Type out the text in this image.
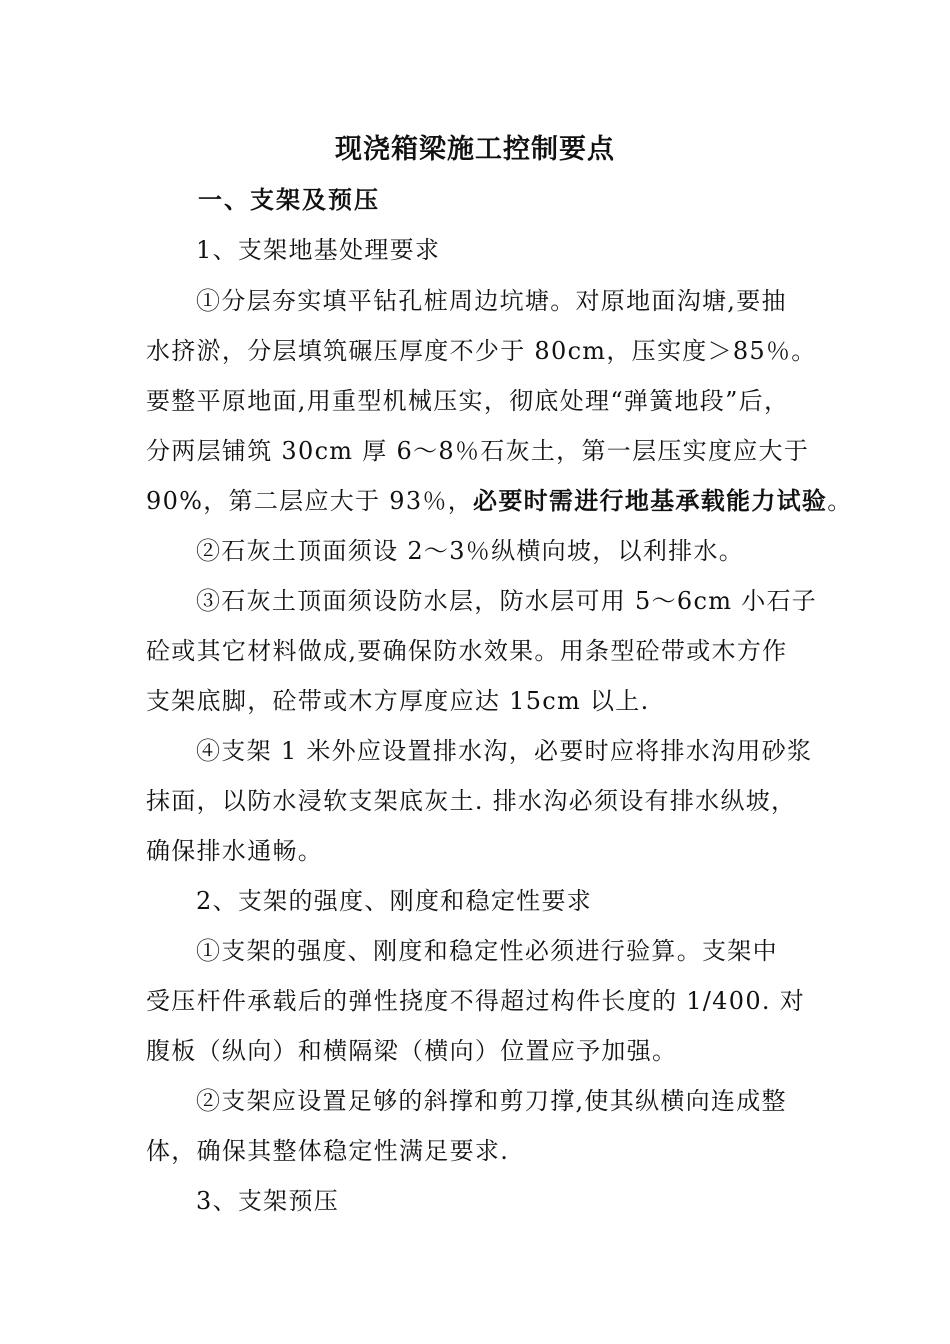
现浇箱梁施工控制要点
一、支架及预压
1、支架地基处理要求
①分层夯实填平钻孔桩周边坑塘。对原地面沟塘,要抽
水挤淤，分层填筑碾压厚度不少于 80cm，压实度＞85％。
要整平原地面,用重型机械压实，彻底处理“弹簧地段”后，
分两层铺筑 30cm 厚 6～8％石灰土，第一层压实度应大于
90%，第二层应大于 93％，必要时需进行地基承载能力试验。
②石灰土顶面须设 2～3％纵横向坡，以利排水。
③石灰土顶面须设防水层，防水层可用 5～6cm 小石子
砼或其它材料做成,要确保防水效果。用条型砼带或木方作
支架底脚，砼带或木方厚度应达 15cm 以上.
④支架 1 米外应设置排水沟，必要时应将排水沟用砂浆
抹面，以防水浸软支架底灰土. 排水沟必须设有排水纵坡，
确保排水通畅。
2、支架的强度、刚度和稳定性要求
①支架的强度、刚度和稳定性必须进行验算。支架中
受压杆件承载后的弹性挠度不得超过构件长度的 1/400. 对
腹板（纵向）和横隔梁（横向）位置应予加强。
②支架应设置足够的斜撑和剪刀撑,使其纵横向连成整
体，确保其整体稳定性满足要求.
3、支架预压
